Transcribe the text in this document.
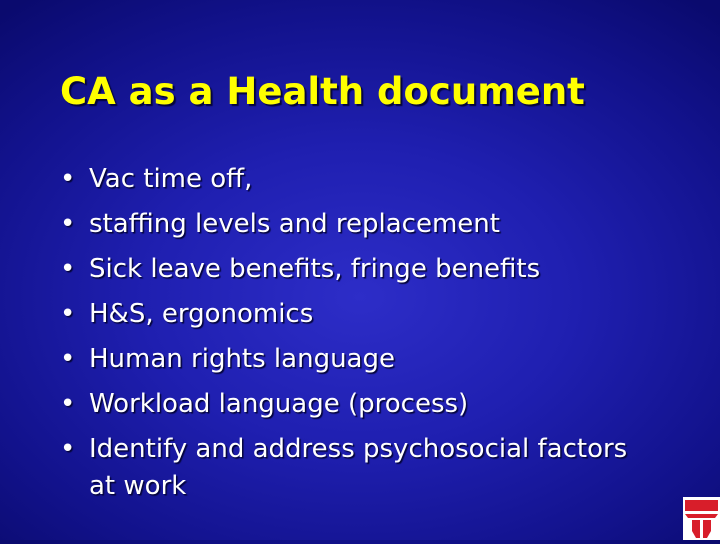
CA as a Health document
• Vac time off,
• staffing levels and replacement
• Sick leave benefits, fringe benefits
• H&S, ergonomics
• Human rights language
• Workload language (process)
• Identify and address psychosocial factors at work
